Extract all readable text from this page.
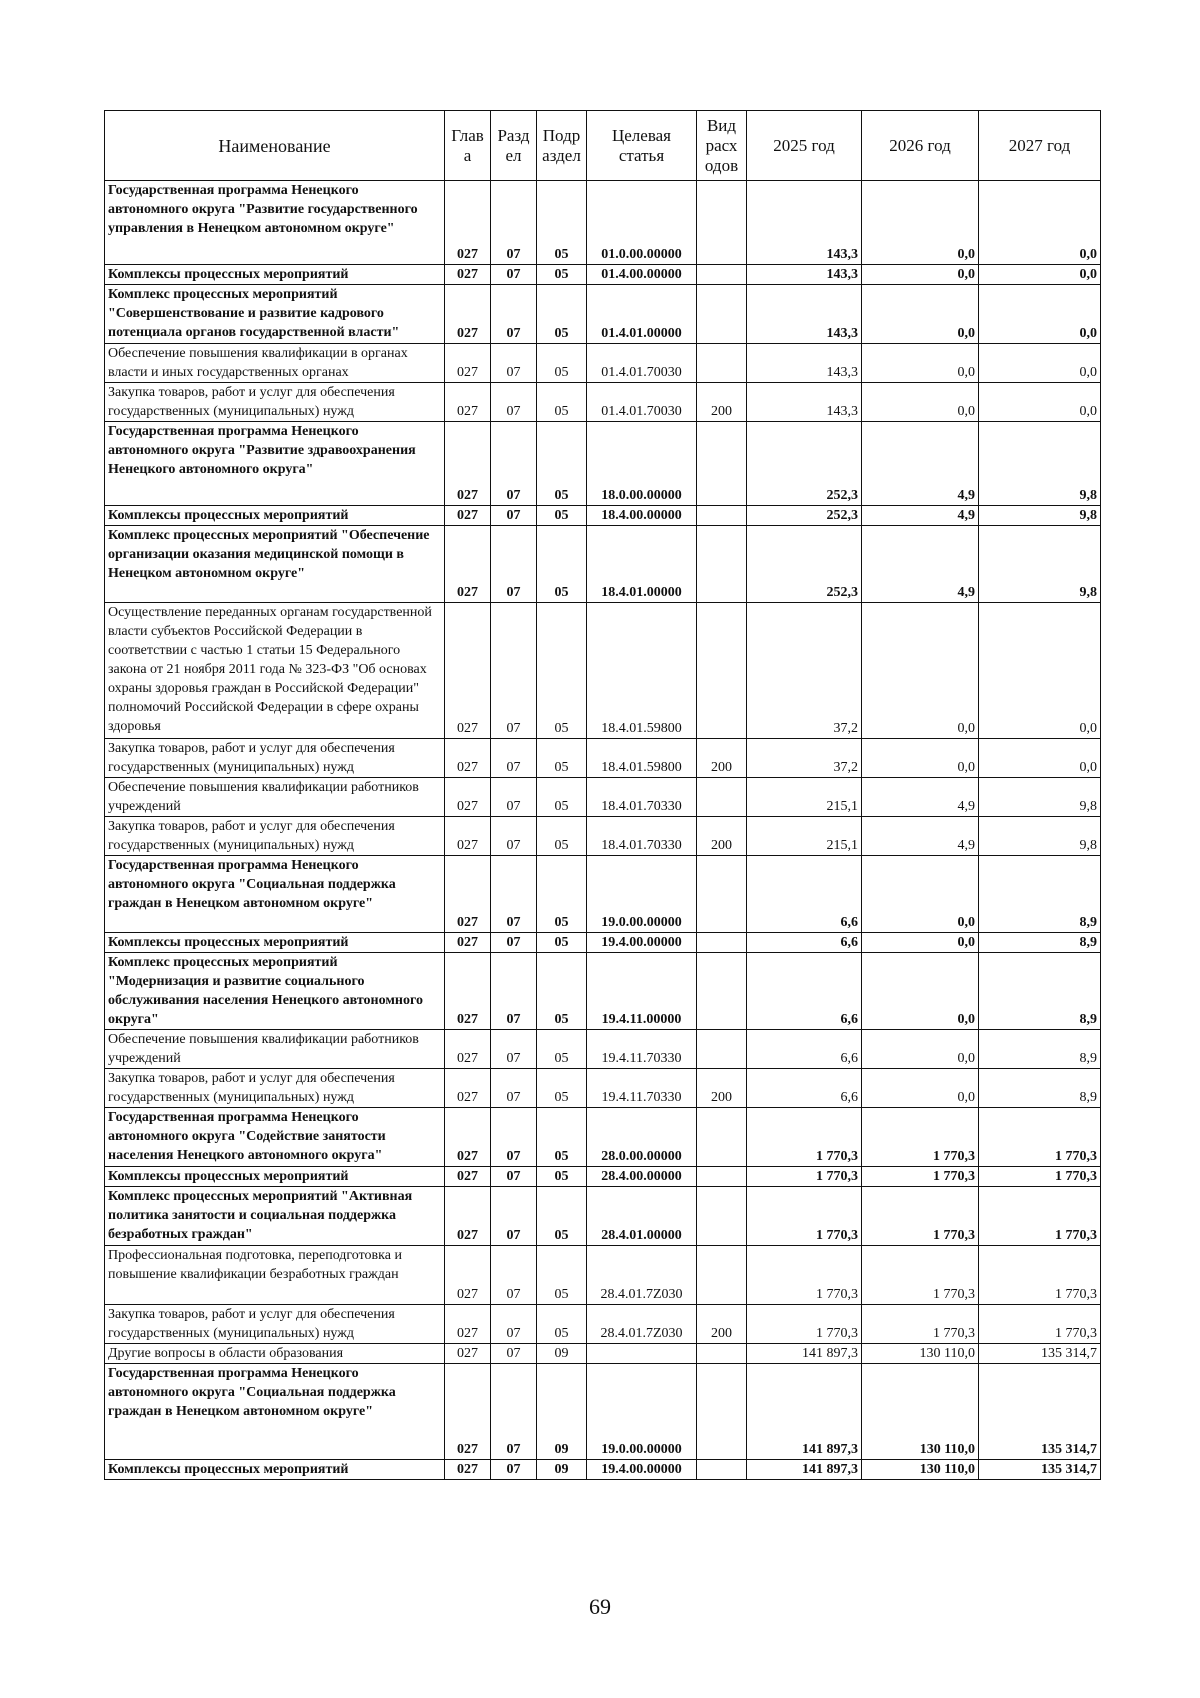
Наименование	Глав а	Разд ел	Подр аздел	Целевая статья	Вид расх одов	2025 год	2026 год	2027 год
Государственная программа Ненецкого автономного округа "Развитие государственного управления в Ненецком автономном округе"	027	07	05	01.0.00.00000		143,3	0,0	0,0
Комплексы процессных мероприятий	027	07	05	01.4.00.00000		143,3	0,0	0,0
Комплекс процессных мероприятий "Совершенствование и развитие кадрового потенциала органов государственной власти"	027	07	05	01.4.01.00000		143,3	0,0	0,0
Обеспечение повышения квалификации в органах власти и иных государственных органах	027	07	05	01.4.01.70030		143,3	0,0	0,0
Закупка товаров, работ и услуг для обеспечения государственных (муниципальных) нужд	027	07	05	01.4.01.70030	200	143,3	0,0	0,0
Государственная программа Ненецкого автономного округа "Развитие здравоохранения Ненецкого автономного округа"	027	07	05	18.0.00.00000		252,3	4,9	9,8
Комплексы процессных мероприятий	027	07	05	18.4.00.00000		252,3	4,9	9,8
Комплекс процессных мероприятий "Обеспечение организации оказания медицинской помощи в Ненецком автономном округе"	027	07	05	18.4.01.00000		252,3	4,9	9,8
Осуществление переданных органам государственной власти субъектов Российской Федерации в соответствии с частью 1 статьи 15 Федерального закона от 21 ноября 2011 года № 323-ФЗ "Об основах охраны здоровья граждан в Российской Федерации" полномочий Российской Федерации в сфере охраны здоровья	027	07	05	18.4.01.59800		37,2	0,0	0,0
Закупка товаров, работ и услуг для обеспечения государственных (муниципальных) нужд	027	07	05	18.4.01.59800	200	37,2	0,0	0,0
Обеспечение повышения квалификации работников учреждений	027	07	05	18.4.01.70330		215,1	4,9	9,8
Закупка товаров, работ и услуг для обеспечения государственных (муниципальных) нужд	027	07	05	18.4.01.70330	200	215,1	4,9	9,8
Государственная программа Ненецкого автономного округа "Социальная поддержка граждан в Ненецком автономном округе"	027	07	05	19.0.00.00000		6,6	0,0	8,9
Комплексы процессных мероприятий	027	07	05	19.4.00.00000		6,6	0,0	8,9
Комплекс процессных мероприятий "Модернизация и развитие социального обслуживания населения Ненецкого автономного округа"	027	07	05	19.4.11.00000		6,6	0,0	8,9
Обеспечение повышения квалификации работников учреждений	027	07	05	19.4.11.70330		6,6	0,0	8,9
Закупка товаров, работ и услуг для обеспечения государственных (муниципальных) нужд	027	07	05	19.4.11.70330	200	6,6	0,0	8,9
Государственная программа Ненецкого автономного округа "Содействие занятости населения Ненецкого автономного округа"	027	07	05	28.0.00.00000		1 770,3	1 770,3	1 770,3
Комплексы процессных мероприятий	027	07	05	28.4.00.00000		1 770,3	1 770,3	1 770,3
Комплекс процессных мероприятий "Активная политика занятости и социальная поддержка безработных граждан"	027	07	05	28.4.01.00000		1 770,3	1 770,3	1 770,3
Профессиональная подготовка, переподготовка и повышение квалификации безработных граждан	027	07	05	28.4.01.7Z030		1 770,3	1 770,3	1 770,3
Закупка товаров, работ и услуг для обеспечения государственных (муниципальных) нужд	027	07	05	28.4.01.7Z030	200	1 770,3	1 770,3	1 770,3
Другие вопросы в области образования	027	07	09			141 897,3	130 110,0	135 314,7
Государственная программа Ненецкого автономного округа "Социальная поддержка граждан в Ненецком автономном округе"	027	07	09	19.0.00.00000		141 897,3	130 110,0	135 314,7
Комплексы процессных мероприятий	027	07	09	19.4.00.00000		141 897,3	130 110,0	135 314,7
69
